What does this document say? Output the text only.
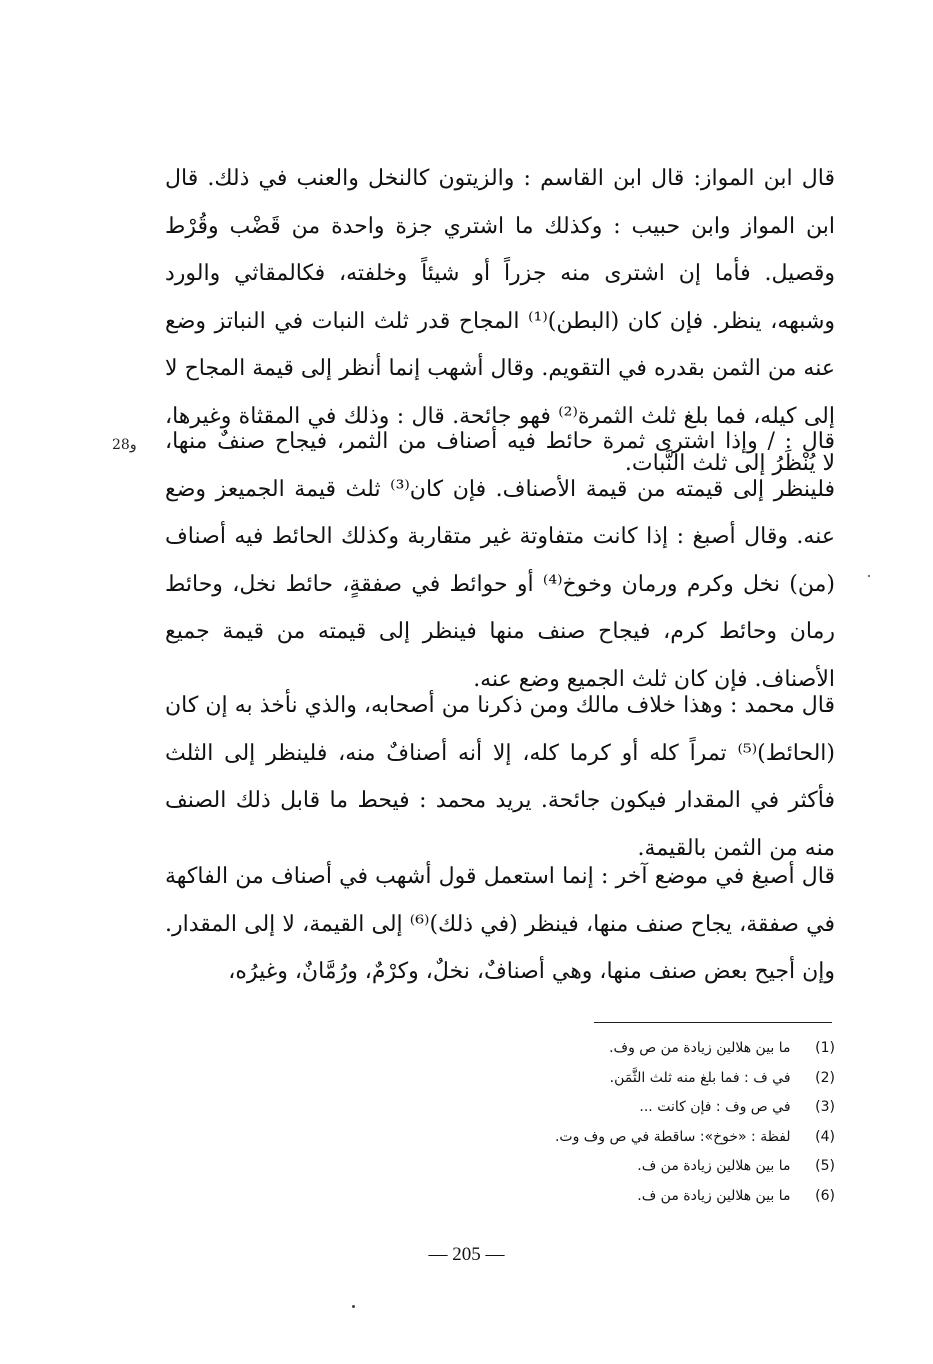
قال ابن المواز: قال ابن القاسم : والزيتون كالنخل والعنب في ذلك. قال ابن المواز وابن حبيب : وكذلك ما اشتري جزة واحدة من قَضْب وقُرْط وقصيل. فأما إن اشترى منه جزراً أو شيئاً وخلفته، فكالمقاثي والورد وشبهه، ينظر. فإن كان (البطن)⁽¹⁾ المجاح قدر ثلث النبات في النباتز وضع عنه من الثمن بقدره في التقويم. وقال أشهب إنما أنظر إلى قيمة المجاح لا إلى كيله، فما بلغ ثلث الثمرة⁽²⁾ فهو جائحة. قال : وذلك في المقثاة وغيرها، لا يُنْظَرُ إلى ثلث النَّبات.

28و قال : / وإذا اشترى ثمرة حائط فيه أصناف من الثمر، فيجاح صنفٌ منها، فلينظر إلى قيمته من قيمة الأصناف. فإن كان⁽³⁾ ثلث قيمة الجميعز وضع عنه. وقال أصبغ : إذا كانت متفاوتة غير متقاربة وكذلك الحائط فيه أصناف (من) نخل وكرم ورمان وخوخ⁽⁴⁾ أو حوائط في صفقةٍ، حائط نخل، وحائط رمان وحائط كرم، فيجاح صنف منها فينظر إلى قيمته من قيمة جميع الأصناف. فإن كان ثلث الجميع وضع عنه.

قال محمد : وهذا خلاف مالك ومن ذكرنا من أصحابه، والذي نأخذ به إن كان (الحائط)⁽⁵⁾ تمراً كله أو كرما كله، إلا أنه أصنافٌ منه، فلينظر إلى الثلث فأكثر في المقدار فيكون جائحة. يريد محمد : فيحط ما قابل ذلك الصنف منه من الثمن بالقيمة.

قال أصبغ في موضع آخر : إنما استعمل قول أشهب في أصناف من الفاكهة في صفقة، يجاح صنف منها، فينظر (في ذلك)⁽⁶⁾ إلى القيمة، لا إلى المقدار. وإن أجيح بعض صنف منها، وهي أصنافٌ، نخلٌ، وكرْمٌ، ورُمَّانٌ، وغيرُه،

(1) ما بين هلالين زيادة من ص وف.
(2) في ف : فما بلغ منه ثلث الثَّمَن.
(3) في ص وف : فإن كانت ...
(4) لفظة : «خوخ»: ساقطة في ص وف وت.
(5) ما بين هلالين زيادة من ف.
(6) ما بين هلالين زيادة من ف.
— 205 —
